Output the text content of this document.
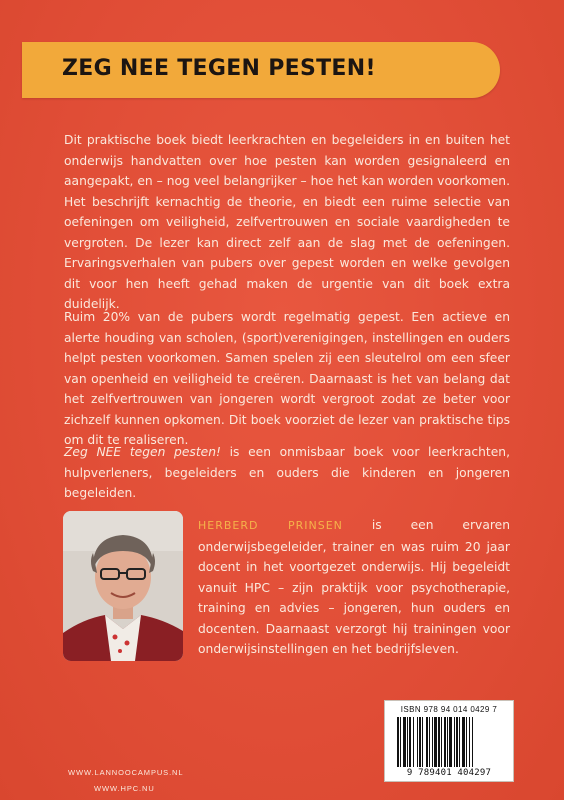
ZEG NEE TEGEN PESTEN!

Dit praktische boek biedt leerkrachten en begeleiders in en buiten het onderwijs handvatten over hoe pesten kan worden gesignaleerd en aangepakt, en – nog veel belangrijker – hoe het kan worden voorkomen. Het beschrijft kernachtig de theorie, en biedt een ruime selectie van oefeningen om veiligheid, zelfvertrouwen en sociale vaardigheden te vergroten. De lezer kan direct zelf aan de slag met de oefeningen. Ervaringsverhalen van pubers over gepest worden en welke gevolgen dit voor hen heeft gehad maken de urgentie van dit boek extra duidelijk.

Ruim 20% van de pubers wordt regelmatig gepest. Een actieve en alerte houding van scholen, (sport)verenigingen, instellingen en ouders helpt pesten voorkomen. Samen spelen zij een sleutelrol om een sfeer van openheid en veiligheid te creëren. Daarnaast is het van belang dat het zelfvertrouwen van jongeren wordt vergroot zodat ze beter voor zichzelf kunnen opkomen. Dit boek voorziet de lezer van praktische tips om dit te realiseren.

Zeg NEE tegen pesten! is een onmisbaar boek voor leerkrachten, hulpverleners, begeleiders en ouders die kinderen en jongeren begeleiden.

HERBERD PRINSEN is een ervaren onderwijsbegeleider, trainer en was ruim 20 jaar docent in het voortgezet onderwijs. Hij begeleidt vanuit HPC – zijn praktijk voor psychotherapie, training en advies – jongeren, hun ouders en docenten. Daarnaast verzorgt hij trainingen voor onderwijsinstellingen en het bedrijfsleven.

ISBN 978 94 014 0429 7
9 789401 404297
WWW.LANNOOCAMPUS.NL
WWW.HPC.NU
